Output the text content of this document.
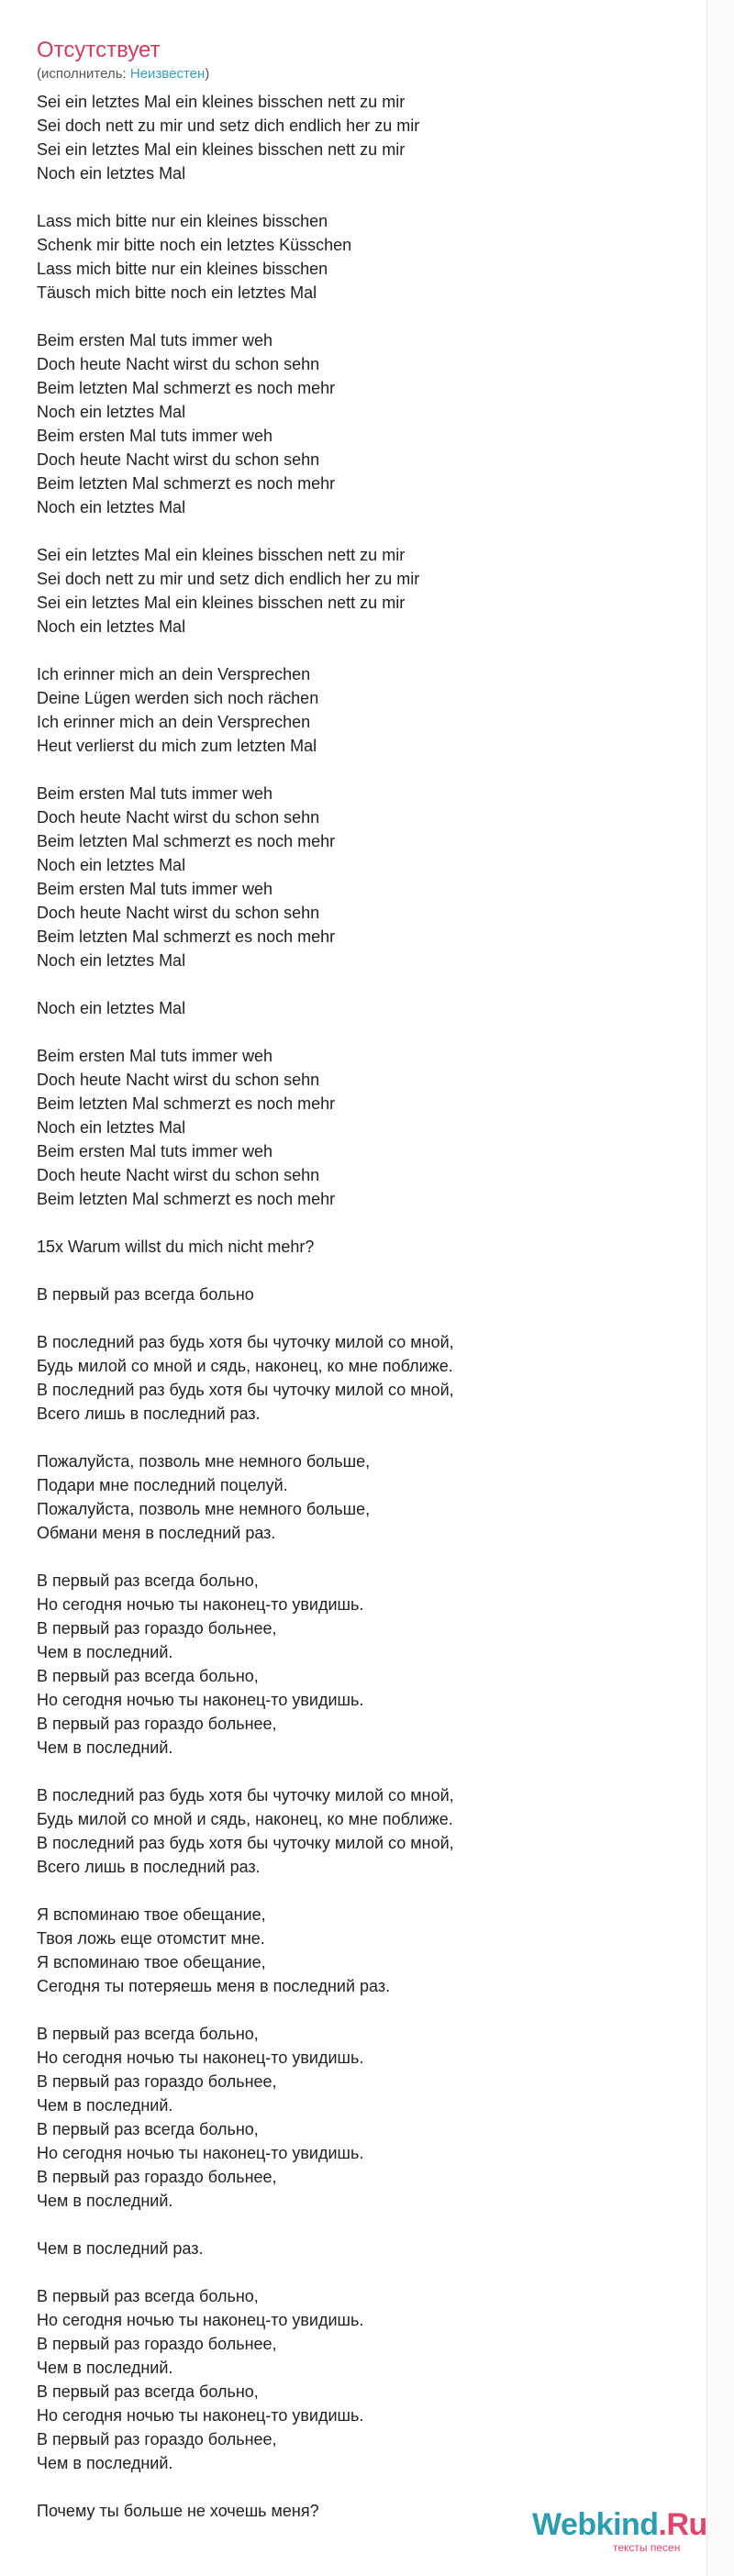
Отсутствует
(исполнитель: Неизвестен)
Sei ein letztes Mal ein kleines bisschen nett zu mir
Sei doch nett zu mir und setz dich endlich her zu mir
Sei ein letztes Mal ein kleines bisschen nett zu mir
Noch ein letztes Mal
Lass mich bitte nur ein kleines bisschen
Schenk mir bitte noch ein letztes Küsschen
Lass mich bitte nur ein kleines bisschen
Täusch mich bitte noch ein letztes Mal
Beim ersten Mal tuts immer weh
Doch heute Nacht wirst du schon sehn
Beim letzten Mal schmerzt es noch mehr
Noch ein letztes Mal
Beim ersten Mal tuts immer weh
Doch heute Nacht wirst du schon sehn
Beim letzten Mal schmerzt es noch mehr
Noch ein letztes Mal
Sei ein letztes Mal ein kleines bisschen nett zu mir
Sei doch nett zu mir und setz dich endlich her zu mir
Sei ein letztes Mal ein kleines bisschen nett zu mir
Noch ein letztes Mal
Ich erinner mich an dein Versprechen
Deine Lügen werden sich noch rächen
Ich erinner mich an dein Versprechen
Heut verlierst du mich zum letzten Mal
Beim ersten Mal tuts immer weh
Doch heute Nacht wirst du schon sehn
Beim letzten Mal schmerzt es noch mehr
Noch ein letztes Mal
Beim ersten Mal tuts immer weh
Doch heute Nacht wirst du schon sehn
Beim letzten Mal schmerzt es noch mehr
Noch ein letztes Mal
Noch ein letztes Mal
Beim ersten Mal tuts immer weh
Doch heute Nacht wirst du schon sehn
Beim letzten Mal schmerzt es noch mehr
Noch ein letztes Mal
Beim ersten Mal tuts immer weh
Doch heute Nacht wirst du schon sehn
Beim letzten Mal schmerzt es noch mehr
15x Warum willst du mich nicht mehr?
В первый раз всегда больно
В последний раз будь хотя бы чуточку милой со мной,
Будь милой со мной и сядь, наконец, ко мне поближе.
В последний раз будь хотя бы чуточку милой со мной,
Всего лишь в последний раз.
Пожалуйста, позволь мне немного больше,
Подари мне последний поцелуй.
Пожалуйста, позволь мне немного больше,
Обмани меня в последний раз.
В первый раз всегда больно,
Но сегодня ночью ты наконец-то увидишь.
В первый раз гораздо больнее,
Чем в последний.
В первый раз всегда больно,
Но сегодня ночью ты наконец-то увидишь.
В первый раз гораздо больнее,
Чем в последний.
В последний раз будь хотя бы чуточку милой со мной,
Будь милой со мной и сядь, наконец, ко мне поближе.
В последний раз будь хотя бы чуточку милой со мной,
Всего лишь в последний раз.
Я вспоминаю твое обещание,
Твоя ложь еще отомстит мне.
Я вспоминаю твое обещание,
Сегодня ты потеряешь меня в последний раз.
В первый раз всегда больно,
Но сегодня ночью ты наконец-то увидишь.
В первый раз гораздо больнее,
Чем в последний.
В первый раз всегда больно,
Но сегодня ночью ты наконец-то увидишь.
В первый раз гораздо больнее,
Чем в последний.
Чем в последний раз.
В первый раз всегда больно,
Но сегодня ночью ты наконец-то увидишь.
В первый раз гораздо больнее,
Чем в последний.
В первый раз всегда больно,
Но сегодня ночью ты наконец-то увидишь.
В первый раз гораздо больнее,
Чем в последний.
Почему ты больше не хочешь меня?	Webkind.Ru
тексты песен
